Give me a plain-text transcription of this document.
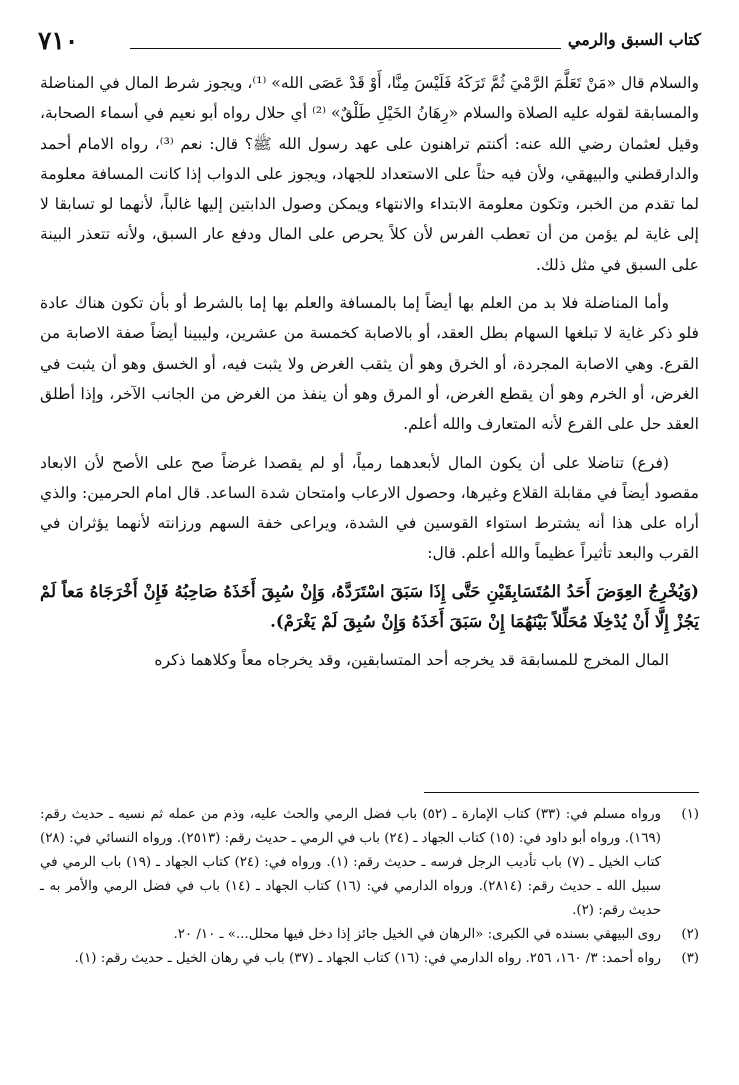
كتاب السبق والرمي
٧١٠

والسلام قال «مَنْ تَعَلَّمَ الرَّمْيَ ثُمَّ تَرَكَهُ فَلَيْسَ مِنَّا، أَوْ قَدْ عَصَى الله» ⁽¹⁾، ويجوز شرط المال في المناضلة والمسابقة لقوله عليه الصلاة والسلام «رِهَانُ الخَيْلِ طَلْقٌ» ⁽²⁾ أي حلال رواه أبو نعيم في أسماء الصحابة، وقيل لعثمان رضي الله عنه: أكنتم تراهنون على عهد رسول الله ﷺ؟ قال: نعم ⁽³⁾، رواه الامام أحمد والدارقطني والبيهقي، ولأن فيه حثاً على الاستعداد للجهاد، ويجوز على الدواب إذا كانت المسافة معلومة لما تقدم من الخبر، وتكون معلومة الابتداء والانتهاء ويمكن وصول الدابتين إليها غالباً، لأنهما لو تسابقا لا إلى غاية لم يؤمن من أن تعطب الفرس لأن كلاً يحرص على المال ودفع عار السبق، ولأنه تتعذر البينة على السبق في مثل ذلك.

وأما المناضلة فلا بد من العلم بها أيضاً إما بالمسافة والعلم بها إما بالشرط أو بأن تكون هناك عادة فلو ذكر غاية لا تبلغها السهام بطل العقد، أو بالاصابة كخمسة من عشرين، وليبينا أيضاً صفة الاصابة من القرع. وهي الاصابة المجردة، أو الخرق وهو أن يثقب الغرض ولا يثبت فيه، أو الخسق وهو أن يثبت في الغرض، أو الخرم وهو أن يقطع الغرض، أو المرق وهو أن ينفذ من الغرض من الجانب الآخر، وإذا أطلق العقد حل على القرع لأنه المتعارف والله أعلم.

(فرع) تناضلا على أن يكون المال لأبعدهما رمياً، أو لم يقصدا غرضاً صح على الأصح لأن الابعاد مقصود أيضاً في مقابلة القلاع وغيرها، وحصول الارعاب وامتحان شدة الساعد. قال امام الحرمين: والذي أراه على هذا أنه يشترط استواء القوسين في الشدة، ويراعى خفة السهم ورزانته لأنهما يؤثران في القرب والبعد تأثيراً عظيماً والله أعلم. قال:

(وَيُخْرِجُ العِوَضَ أَحَدُ المُتَسَابِقَيْنِ حَتَّى إِذَا سَبَقَ اسْتَرَدَّهُ، وَإِنْ سُبِقَ أَخَذَهُ صَاحِبُهُ فَإِنْ أَخْرَجَاهُ مَعاً لَمْ يَجُزْ إِلَّا أَنْ يُدْخِلَا مُحَلِّلاً بَيْنَهُمَا إِنْ سَبَقَ أَخَذَهُ وَإِنْ سُبِقَ لَمْ يَغْرَمْ).

المال المخرج للمسابقة قد يخرجه أحد المتسابقين، وقد يخرجاه معاً وكلاهما ذكره

(١)
ورواه مسلم في: (٣٣) كتاب الإمارة ـ (٥٢) باب فضل الرمي والحث عليه، وذم من عمله ثم نسيه ـ حديث رقم: (١٦٩). ورواه أبو داود في: (١٥) كتاب الجهاد ـ (٢٤) باب في الرمي ـ حديث رقم: (٢٥١٣). ورواه النسائي في: (٢٨) كتاب الخيل ـ (٧) باب تأديب الرجل فرسه ـ حديث رقم: (١). ورواه في: (٢٤) كتاب الجهاد ـ (١٩) باب الرمي في سبيل الله ـ حديث رقم: (٢٨١٤). ورواه الدارمي في: (١٦) كتاب الجهاد ـ (١٤) باب في فضل الرمي والأمر به ـ حديث رقم: (٢).

(٢)
روى البيهقي بسنده في الكبرى: «الرهان في الخيل جائز إذا دخل فيها محلل...» ـ ١٠/ ٢٠.

(٣)
رواه أحمد: ٣/ ١٦٠، ٢٥٦. رواه الدارمي في: (١٦) كتاب الجهاد ـ (٣٧) باب في رهان الخيل ـ حديث رقم: (١).
